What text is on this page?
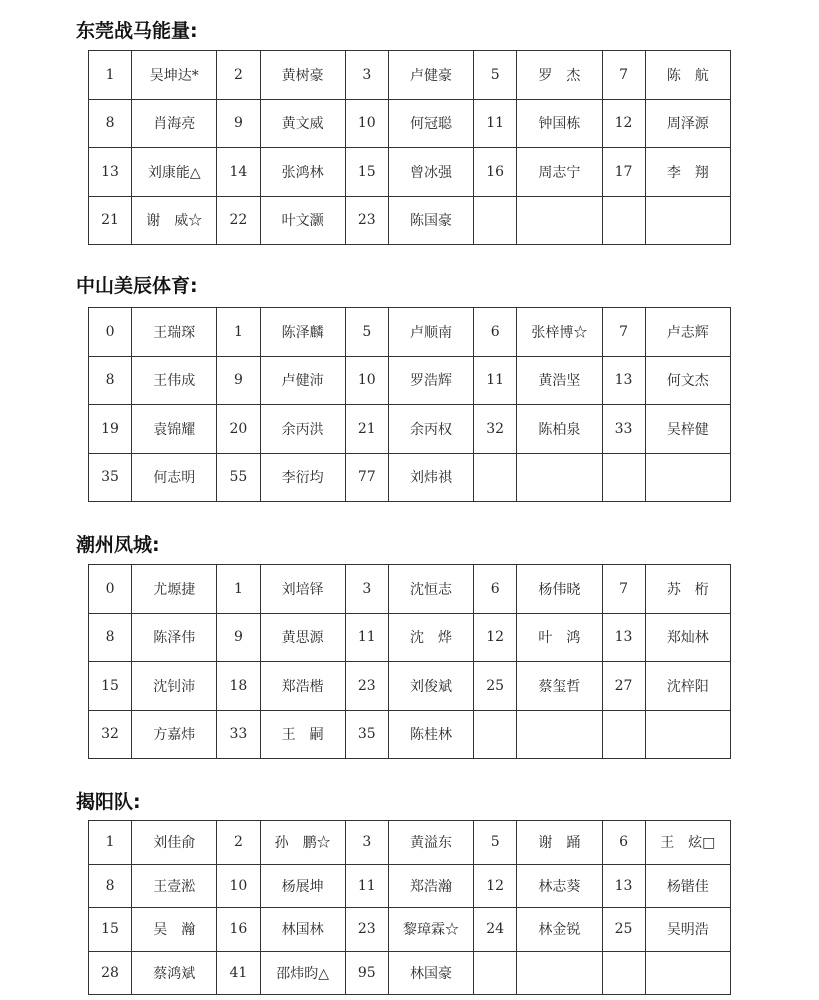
东莞战马能量:
1	吴坤达*	2	黄树豪	3	卢健豪	5	罗　杰	7	陈　航
8	肖海亮	9	黄文威	10	何冠聪	11	钟国栋	12	周泽源
13	刘康能△	14	张鸿林	15	曾冰强	16	周志宁	17	李　翔
21	谢　威☆	22	叶文灏	23	陈国豪				
中山美辰体育:
0	王瑞琛	1	陈泽麟	5	卢顺南	6	张梓博☆	7	卢志辉
8	王伟成	9	卢健沛	10	罗浩辉	11	黄浩坚	13	何文杰
19	袁锦耀	20	余丙洪	21	余丙权	32	陈柏泉	33	吴梓健
35	何志明	55	李衍均	77	刘炜祺				
潮州凤城:
0	尤塬捷	1	刘培铎	3	沈恒志	6	杨伟晓	7	苏　桁
8	陈泽伟	9	黄思源	11	沈　烨	12	叶　鸿	13	郑灿林
15	沈钊沛	18	郑浩楷	23	刘俊斌	25	蔡玺哲	27	沈梓阳
32	方嘉炜	33	王　嗣	35	陈桂林				
揭阳队:
1	刘佳俞	2	孙　鹏☆	3	黄溢东	5	谢　踊	6	王　炫□
8	王壹淞	10	杨展坤	11	郑浩瀚	12	林志葵	13	杨锴佳
15	吴　瀚	16	林国林	23	黎璋霖☆	24	林金锐	25	吴明浩
28	蔡鸿斌	41	邵炜昀△	95	林国豪				
